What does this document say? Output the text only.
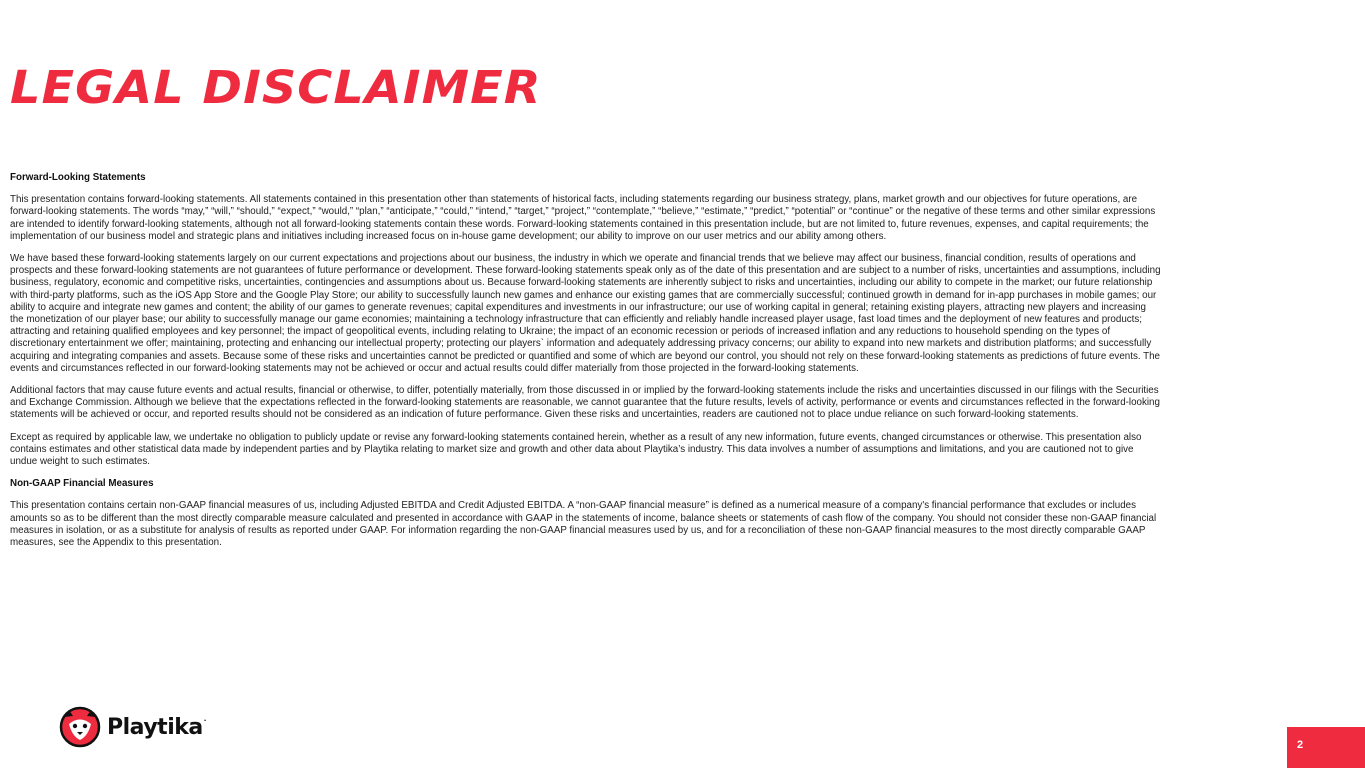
LEGAL DISCLAIMER
Forward-Looking Statements

This presentation contains forward-looking statements. All statements contained in this presentation other than statements of historical facts, including statements regarding our business strategy, plans, market growth and our objectives for future operations, are forward-looking statements. The words “may,” “will,” “should,” “expect,” “would,” “plan,” “anticipate,” “could,” “intend,” “target,” “project,” “contemplate,” “believe,” “estimate,” “predict,” “potential” or “continue” or the negative of these terms and other similar expressions are intended to identify forward-looking statements, although not all forward-looking statements contain these words. Forward-looking statements contained in this presentation include, but are not limited to, future revenues, expenses, and capital requirements; the implementation of our business model and strategic plans and initiatives including increased focus on in-house game development; our ability to improve on our user metrics and our ability among others.

We have based these forward-looking statements largely on our current expectations and projections about our business, the industry in which we operate and financial trends that we believe may affect our business, financial condition, results of operations and prospects and these forward-looking statements are not guarantees of future performance or development. These forward-looking statements speak only as of the date of this presentation and are subject to a number of risks, uncertainties and assumptions, including business, regulatory, economic and competitive risks, uncertainties, contingencies and assumptions about us. Because forward-looking statements are inherently subject to risks and uncertainties, including our ability to compete in the market; our future relationship with third-party platforms, such as the iOS App Store and the Google Play Store; our ability to successfully launch new games and enhance our existing games that are commercially successful; continued growth in demand for in-app purchases in mobile games; our ability to acquire and integrate new games and content; the ability of our games to generate revenues; capital expenditures and investments in our infrastructure; our use of working capital in general; retaining existing players, attracting new players and increasing the monetization of our player base; our ability to successfully manage our game economies; maintaining a technology infrastructure that can efficiently and reliably handle increased player usage, fast load times and the deployment of new features and products; attracting and retaining qualified employees and key personnel; the impact of geopolitical events, including relating to Ukraine; the impact of an economic recession or periods of increased inflation and any reductions to household spending on the types of discretionary entertainment we offer; maintaining, protecting and enhancing our intellectual property; protecting our players` information and adequately addressing privacy concerns; our ability to expand into new markets and distribution platforms; and successfully acquiring and integrating companies and assets. Because some of these risks and uncertainties cannot be predicted or quantified and some of which are beyond our control, you should not rely on these forward-looking statements as predictions of future events. The events and circumstances reflected in our forward-looking statements may not be achieved or occur and actual results could differ materially from those projected in the forward-looking statements.

Additional factors that may cause future events and actual results, financial or otherwise, to differ, potentially materially, from those discussed in or implied by the forward-looking statements include the risks and uncertainties discussed in our filings with the Securities and Exchange Commission. Although we believe that the expectations reflected in the forward-looking statements are reasonable, we cannot guarantee that the future results, levels of activity, performance or events and circumstances reflected in the forward-looking statements will be achieved or occur, and reported results should not be considered as an indication of future performance. Given these risks and uncertainties, readers are cautioned not to place undue reliance on such forward-looking statements.

Except as required by applicable law, we undertake no obligation to publicly update or revise any forward-looking statements contained herein, whether as a result of any new information, future events, changed circumstances or otherwise. This presentation also contains estimates and other statistical data made by independent parties and by Playtika relating to market size and growth and other data about Playtika’s industry. This data involves a number of assumptions and limitations, and you are cautioned not to give undue weight to such estimates.

Non-GAAP Financial Measures

This presentation contains certain non-GAAP financial measures of us, including Adjusted EBITDA and Credit Adjusted EBITDA. A “non-GAAP financial measure” is defined as a numerical measure of a company's financial performance that excludes or includes amounts so as to be different than the most directly comparable measure calculated and presented in accordance with GAAP in the statements of income, balance sheets or statements of cash flow of the company. You should not consider these non-GAAP financial measures in isolation, or as a substitute for analysis of results as reported under GAAP. For information regarding the non-GAAP financial measures used by us, and for a reconciliation of these non-GAAP financial measures to the most directly comparable GAAP measures, see the Appendix to this presentation.

Playtika.
2
